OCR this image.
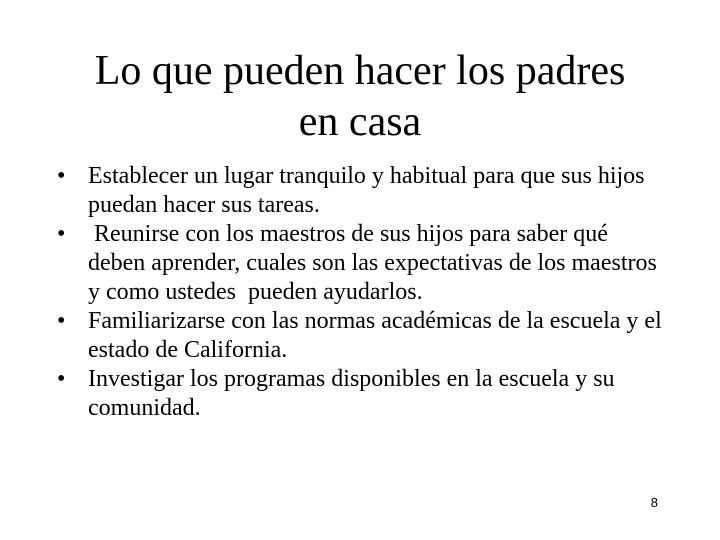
Lo que pueden hacer los padres
en casa
• Establecer un lugar tranquilo y habitual para que sus hijos puedan hacer sus tareas.
• Reunirse con los maestros de sus hijos para saber qué deben aprender, cuales son las expectativas de los maestros y como ustedes  pueden ayudarlos.
• Familiarizarse con las normas académicas de la escuela y el estado de California.
• Investigar los programas disponibles en la escuela y su comunidad.
8
